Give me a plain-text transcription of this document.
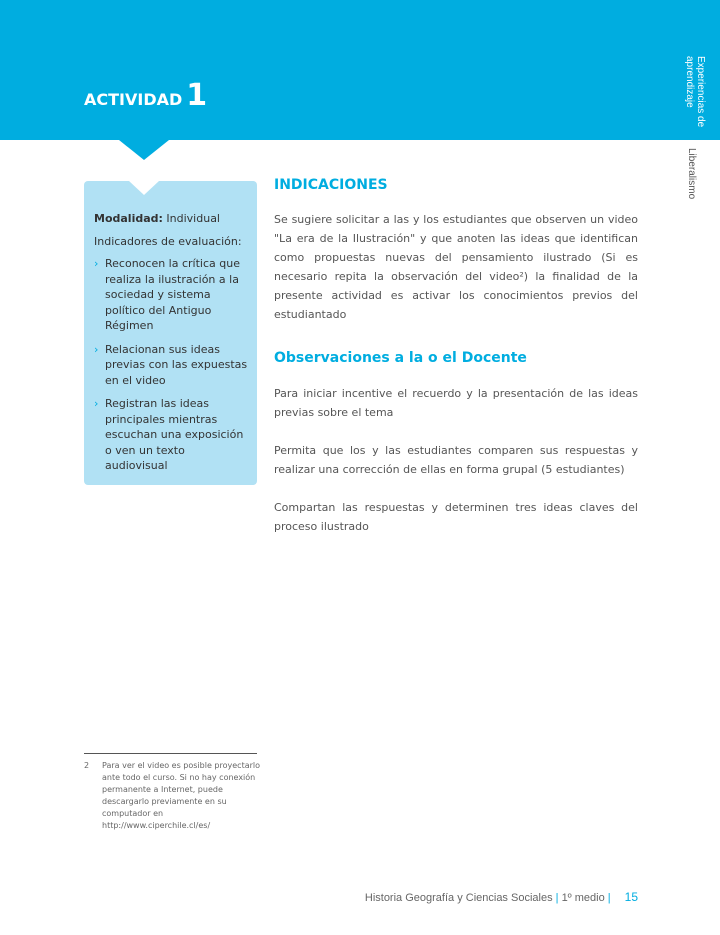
ACTIVIDAD 1	Experiencias de aprendizaje
Liberalismo

Modalidad: Individual

Indicadores de evaluación:

› Reconocen la crítica que realiza la ilustración a la sociedad y sistema político del Antiguo Régimen
› Relacionan sus ideas previas con las expuestas en el video
› Registran las ideas principales mientras escuchan una exposición o ven un texto audiovisual
INDICACIONES

Se sugiere solicitar a las y los estudiantes que observen un video "La era de la Ilustración" y que anoten las ideas que identifican como propuestas nuevas del pensamiento ilustrado (Si es necesario repita la observación del video²) la finalidad de la presente actividad es activar los conocimientos previos del estudiantado

Observaciones a la o el Docente

Para iniciar incentive el recuerdo y la presentación de las ideas previas sobre el tema

Permita que los y las estudiantes comparen sus respuestas y realizar una corrección de ellas en forma grupal (5 estudiantes)

Compartan las respuestas y determinen tres ideas claves del proceso ilustrado

2	Para ver el video es posible proyectarlo ante todo el curso. Si no hay conexión permanente a Internet, puede descargarlo previamente en su computador en http://www.ciperchile.cl/es/
Historia Geografía y Ciencias Sociales | 1º medio | 15
